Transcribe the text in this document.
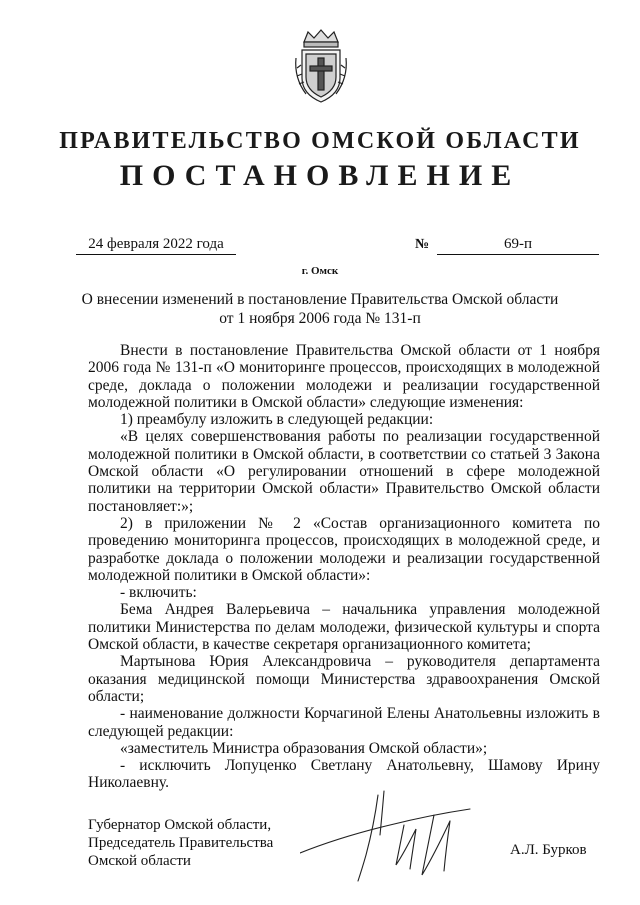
ПРАВИТЕЛЬСТВО ОМСКОЙ ОБЛАСТИ
ПОСТАНОВЛЕНИЕ
24 февраля 2022 года	№	69-п
г. Омск
О внесении изменений в постановление Правительства Омской области
от 1 ноября 2006 года № 131-п

Внести в постановление Правительства Омской области от 1 ноября 2006 года № 131-п «О мониторинге процессов, происходящих в молодежной среде, доклада о положении молодежи и реализации государственной молодежной политики в Омской области» следующие изменения:

1) преамбулу изложить в следующей редакции:

«В целях совершенствования работы по реализации государственной молодежной политики в Омской области, в соответствии со статьей 3 Закона Омской области «О регулировании отношений в сфере молодежной политики на территории Омской области» Правительство Омской области постановляет:»;

2) в приложении № 2 «Состав организационного комитета по проведению мониторинга процессов, происходящих в молодежной среде, и разработке доклада о положении молодежи и реализации государственной молодежной политики в Омской области»:

- включить:

Бема Андрея Валерьевича – начальника управления молодежной политики Министерства по делам молодежи, физической культуры и спорта Омской области, в качестве секретаря организационного комитета;

Мартынова Юрия Александровича – руководителя департамента оказания медицинской помощи Министерства здравоохранения Омской области;

- наименование должности Корчагиной Елены Анатольевны изложить в следующей редакции:

«заместитель Министра образования Омской области»;

- исключить Лопуценко Светлану Анатольевну, Шамову Ирину Николаевну.

Губернатор Омской области,
Председатель Правительства
Омской области
А.Л. Бурков
